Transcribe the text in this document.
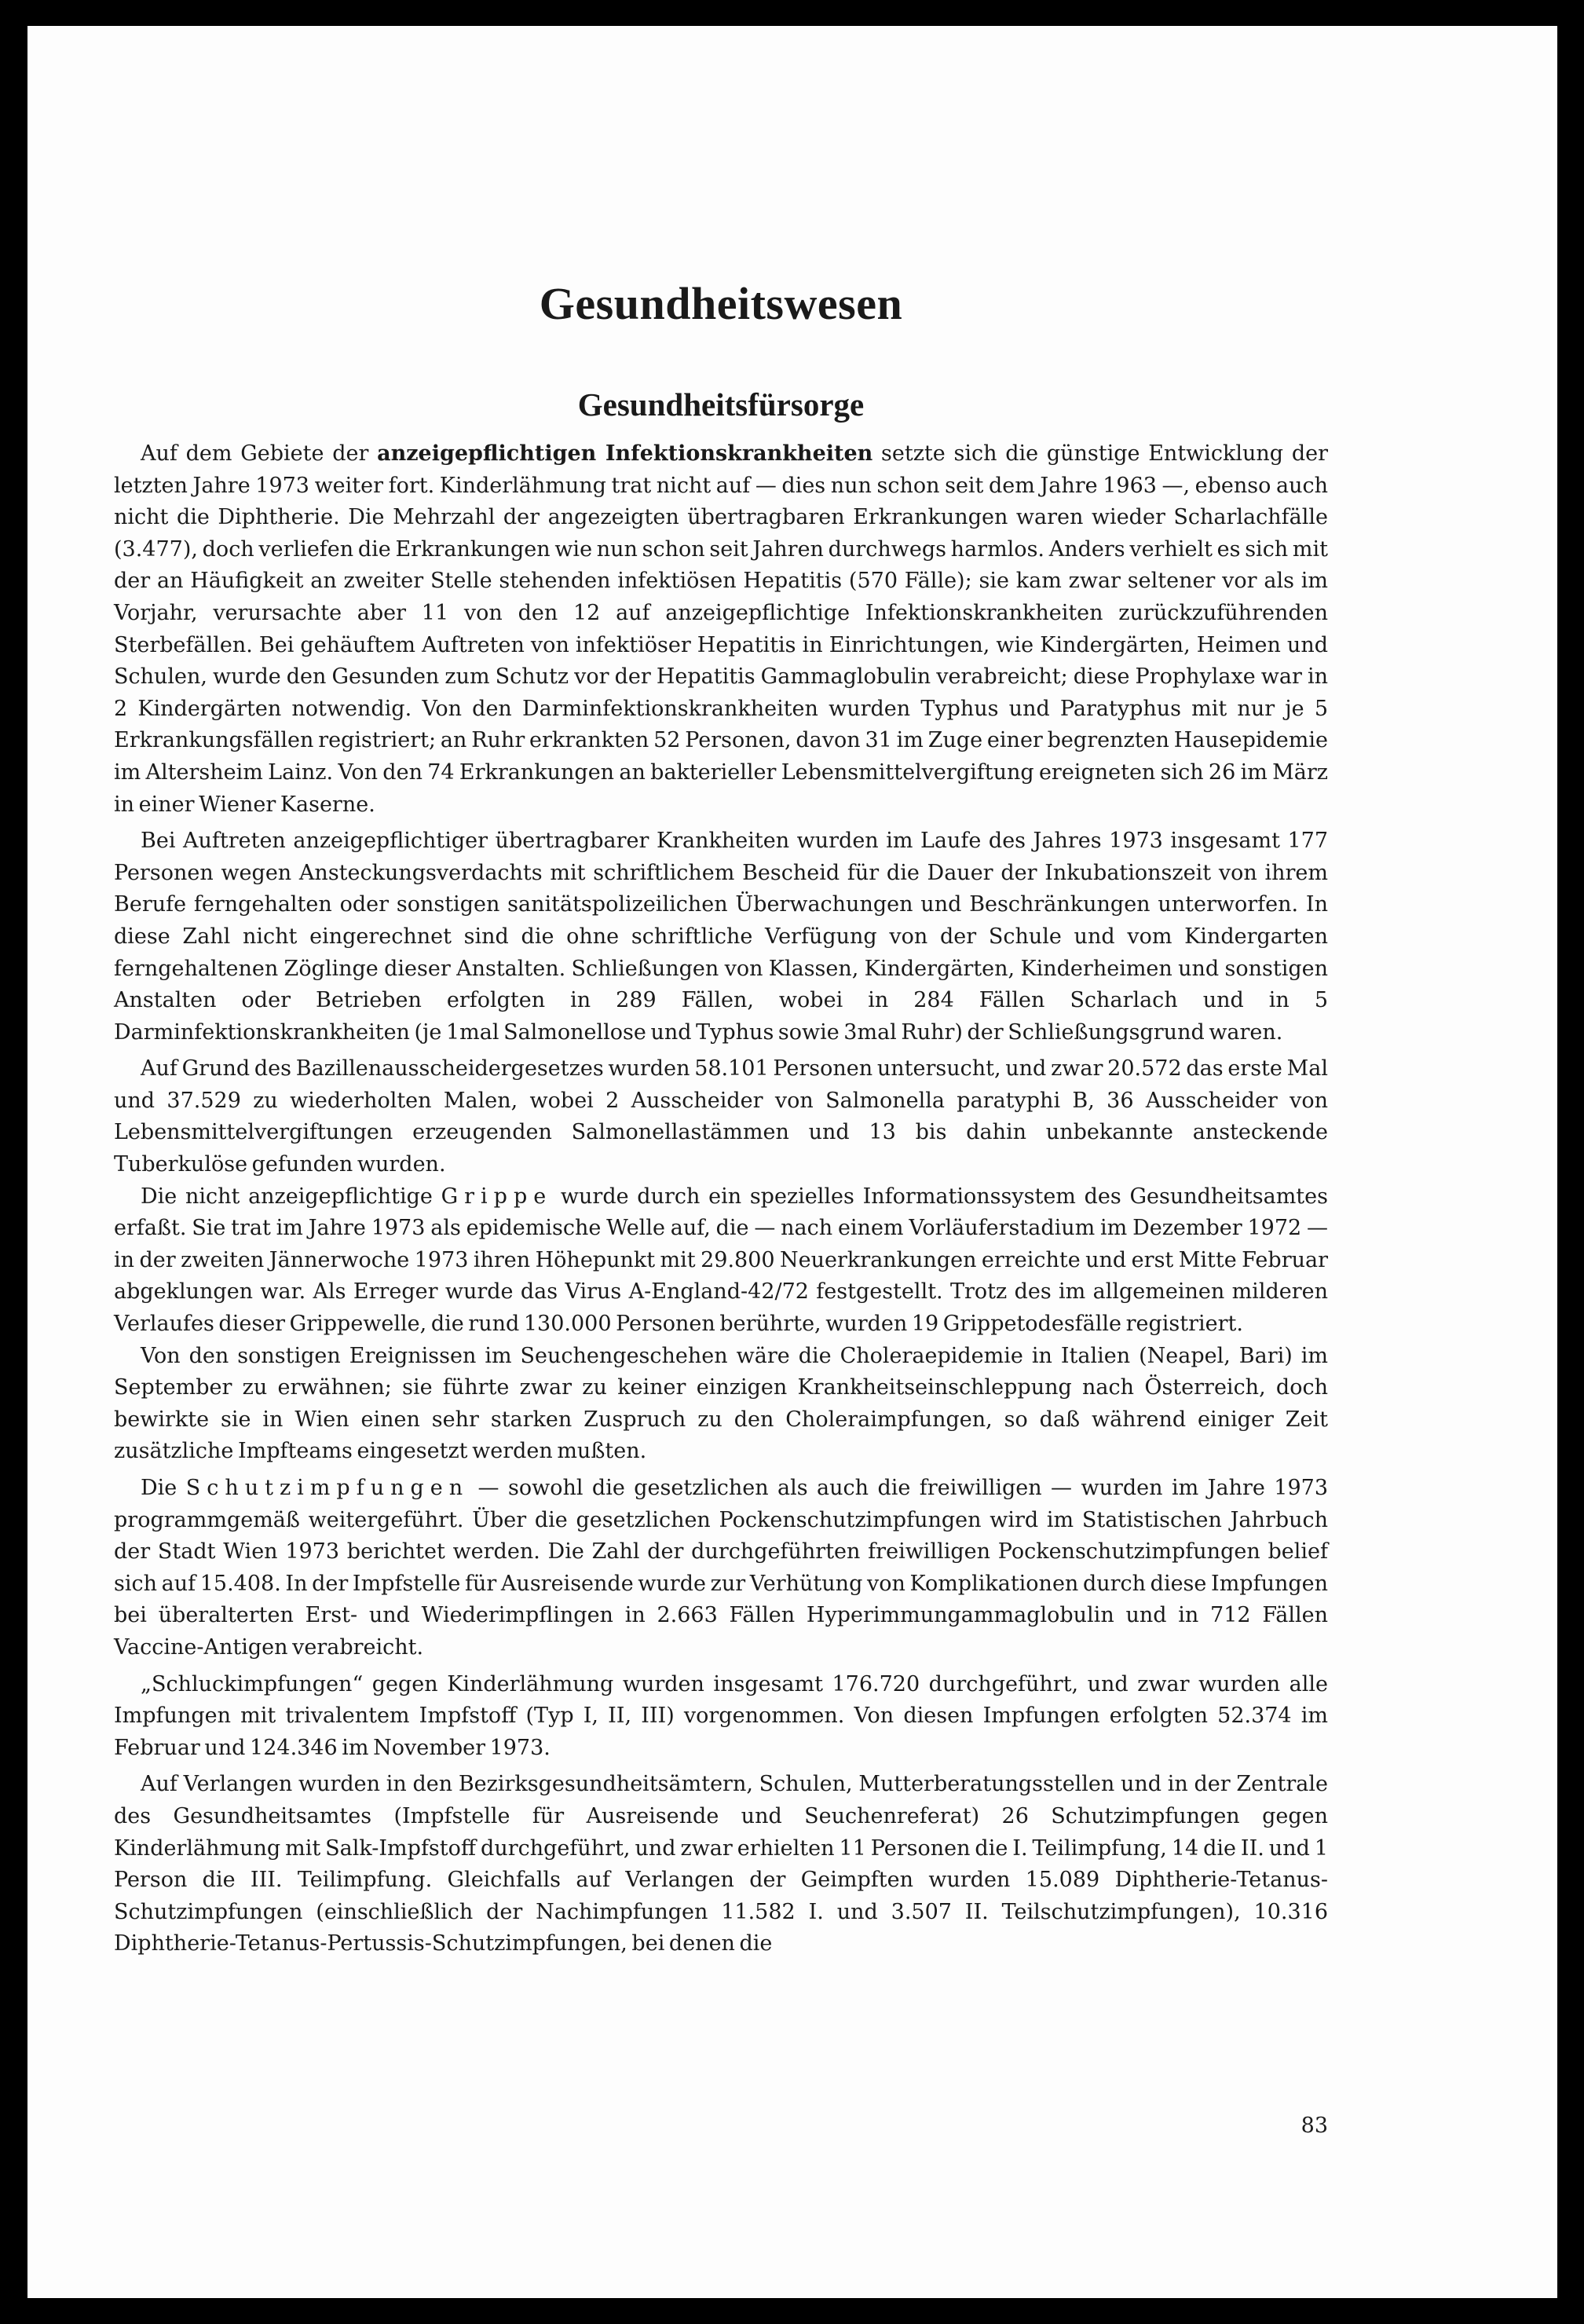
Gesundheitswesen
Gesundheitsfürsorge

Auf dem Gebiete der anzeigepflichtigen Infektionskrankheiten setzte sich die günstige Entwicklung der letzten Jahre 1973 weiter fort. Kinderlähmung trat nicht auf — dies nun schon seit dem Jahre 1963 —, ebenso auch nicht die Diphtherie. Die Mehrzahl der angezeigten übertragbaren Erkrankungen waren wieder Scharlachfälle (3.477), doch verliefen die Erkrankungen wie nun schon seit Jahren durchwegs harmlos. Anders verhielt es sich mit der an Häufigkeit an zweiter Stelle stehenden infektiösen Hepatitis (570 Fälle); sie kam zwar seltener vor als im Vorjahr, verursachte aber 11 von den 12 auf anzeigepflichtige Infektionskrankheiten zurückzuführenden Sterbefällen. Bei gehäuftem Auftreten von infektiöser Hepatitis in Einrichtungen, wie Kindergärten, Heimen und Schulen, wurde den Gesunden zum Schutz vor der Hepatitis Gammaglobulin verabreicht; diese Prophylaxe war in 2 Kindergärten notwendig. Von den Darminfektionskrankheiten wurden Typhus und Paratyphus mit nur je 5 Erkrankungsfällen registriert; an Ruhr erkrankten 52 Personen, davon 31 im Zuge einer begrenzten Hausepidemie im Altersheim Lainz. Von den 74 Erkrankungen an bakterieller Lebensmittelvergiftung ereigneten sich 26 im März in einer Wiener Kaserne.

Bei Auftreten anzeigepflichtiger übertragbarer Krankheiten wurden im Laufe des Jahres 1973 insgesamt 177 Personen wegen Ansteckungsverdachts mit schriftlichem Bescheid für die Dauer der Inkubationszeit von ihrem Berufe ferngehalten oder sonstigen sanitätspolizeilichen Überwachungen und Beschränkungen unterworfen. In diese Zahl nicht eingerechnet sind die ohne schriftliche Verfügung von der Schule und vom Kindergarten ferngehaltenen Zöglinge dieser Anstalten. Schließungen von Klassen, Kindergärten, Kinderheimen und sonstigen Anstalten oder Betrieben erfolgten in 289 Fällen, wobei in 284 Fällen Scharlach und in 5 Darminfektionskrankheiten (je 1mal Salmonellose und Typhus sowie 3mal Ruhr) der Schließungsgrund waren.

Auf Grund des Bazillenausscheidergesetzes wurden 58.101 Personen untersucht, und zwar 20.572 das erste Mal und 37.529 zu wiederholten Malen, wobei 2 Ausscheider von Salmonella paratyphi B, 36 Ausscheider von Lebensmittelvergiftungen erzeugenden Salmonellastämmen und 13 bis dahin unbekannte ansteckende Tuberkulöse gefunden wurden.

Die nicht anzeigepflichtige Grippe wurde durch ein spezielles Informationssystem des Gesundheitsamtes erfaßt. Sie trat im Jahre 1973 als epidemische Welle auf, die — nach einem Vorläuferstadium im Dezember 1972 — in der zweiten Jännerwoche 1973 ihren Höhepunkt mit 29.800 Neuerkrankungen erreichte und erst Mitte Februar abgeklungen war. Als Erreger wurde das Virus A-England-42/72 festgestellt. Trotz des im allgemeinen milderen Verlaufes dieser Grippewelle, die rund 130.000 Personen berührte, wurden 19 Grippetodesfälle registriert.

Von den sonstigen Ereignissen im Seuchengeschehen wäre die Choleraepidemie in Italien (Neapel, Bari) im September zu erwähnen; sie führte zwar zu keiner einzigen Krankheitseinschleppung nach Österreich, doch bewirkte sie in Wien einen sehr starken Zuspruch zu den Choleraimpfungen, so daß während einiger Zeit zusätzliche Impfteams eingesetzt werden mußten.

Die Schutzimpfungen — sowohl die gesetzlichen als auch die freiwilligen — wurden im Jahre 1973 programmgemäß weitergeführt. Über die gesetzlichen Pockenschutzimpfungen wird im Statistischen Jahrbuch der Stadt Wien 1973 berichtet werden. Die Zahl der durchgeführten freiwilligen Pockenschutzimpfungen belief sich auf 15.408. In der Impfstelle für Ausreisende wurde zur Verhütung von Komplikationen durch diese Impfungen bei überalterten Erst- und Wiederimpflingen in 2.663 Fällen Hyperimmungammaglobulin und in 712 Fällen Vaccine-Antigen verabreicht.

„Schluckimpfungen“ gegen Kinderlähmung wurden insgesamt 176.720 durchgeführt, und zwar wurden alle Impfungen mit trivalentem Impfstoff (Typ I, II, III) vorgenommen. Von diesen Impfungen erfolgten 52.374 im Februar und 124.346 im November 1973.

Auf Verlangen wurden in den Bezirksgesundheitsämtern, Schulen, Mutterberatungsstellen und in der Zentrale des Gesundheitsamtes (Impfstelle für Ausreisende und Seuchenreferat) 26 Schutzimpfungen gegen Kinderlähmung mit Salk-Impfstoff durchgeführt, und zwar erhielten 11 Personen die I. Teilimpfung, 14 die II. und 1 Person die III. Teilimpfung. Gleichfalls auf Verlangen der Geimpften wurden 15.089 Diphtherie-Tetanus-Schutzimpfungen (einschließlich der Nachimpfungen 11.582 I. und 3.507 II. Teilschutzimpfungen), 10.316 Diphtherie-Tetanus-Pertussis-Schutzimpfungen, bei denen die

83
